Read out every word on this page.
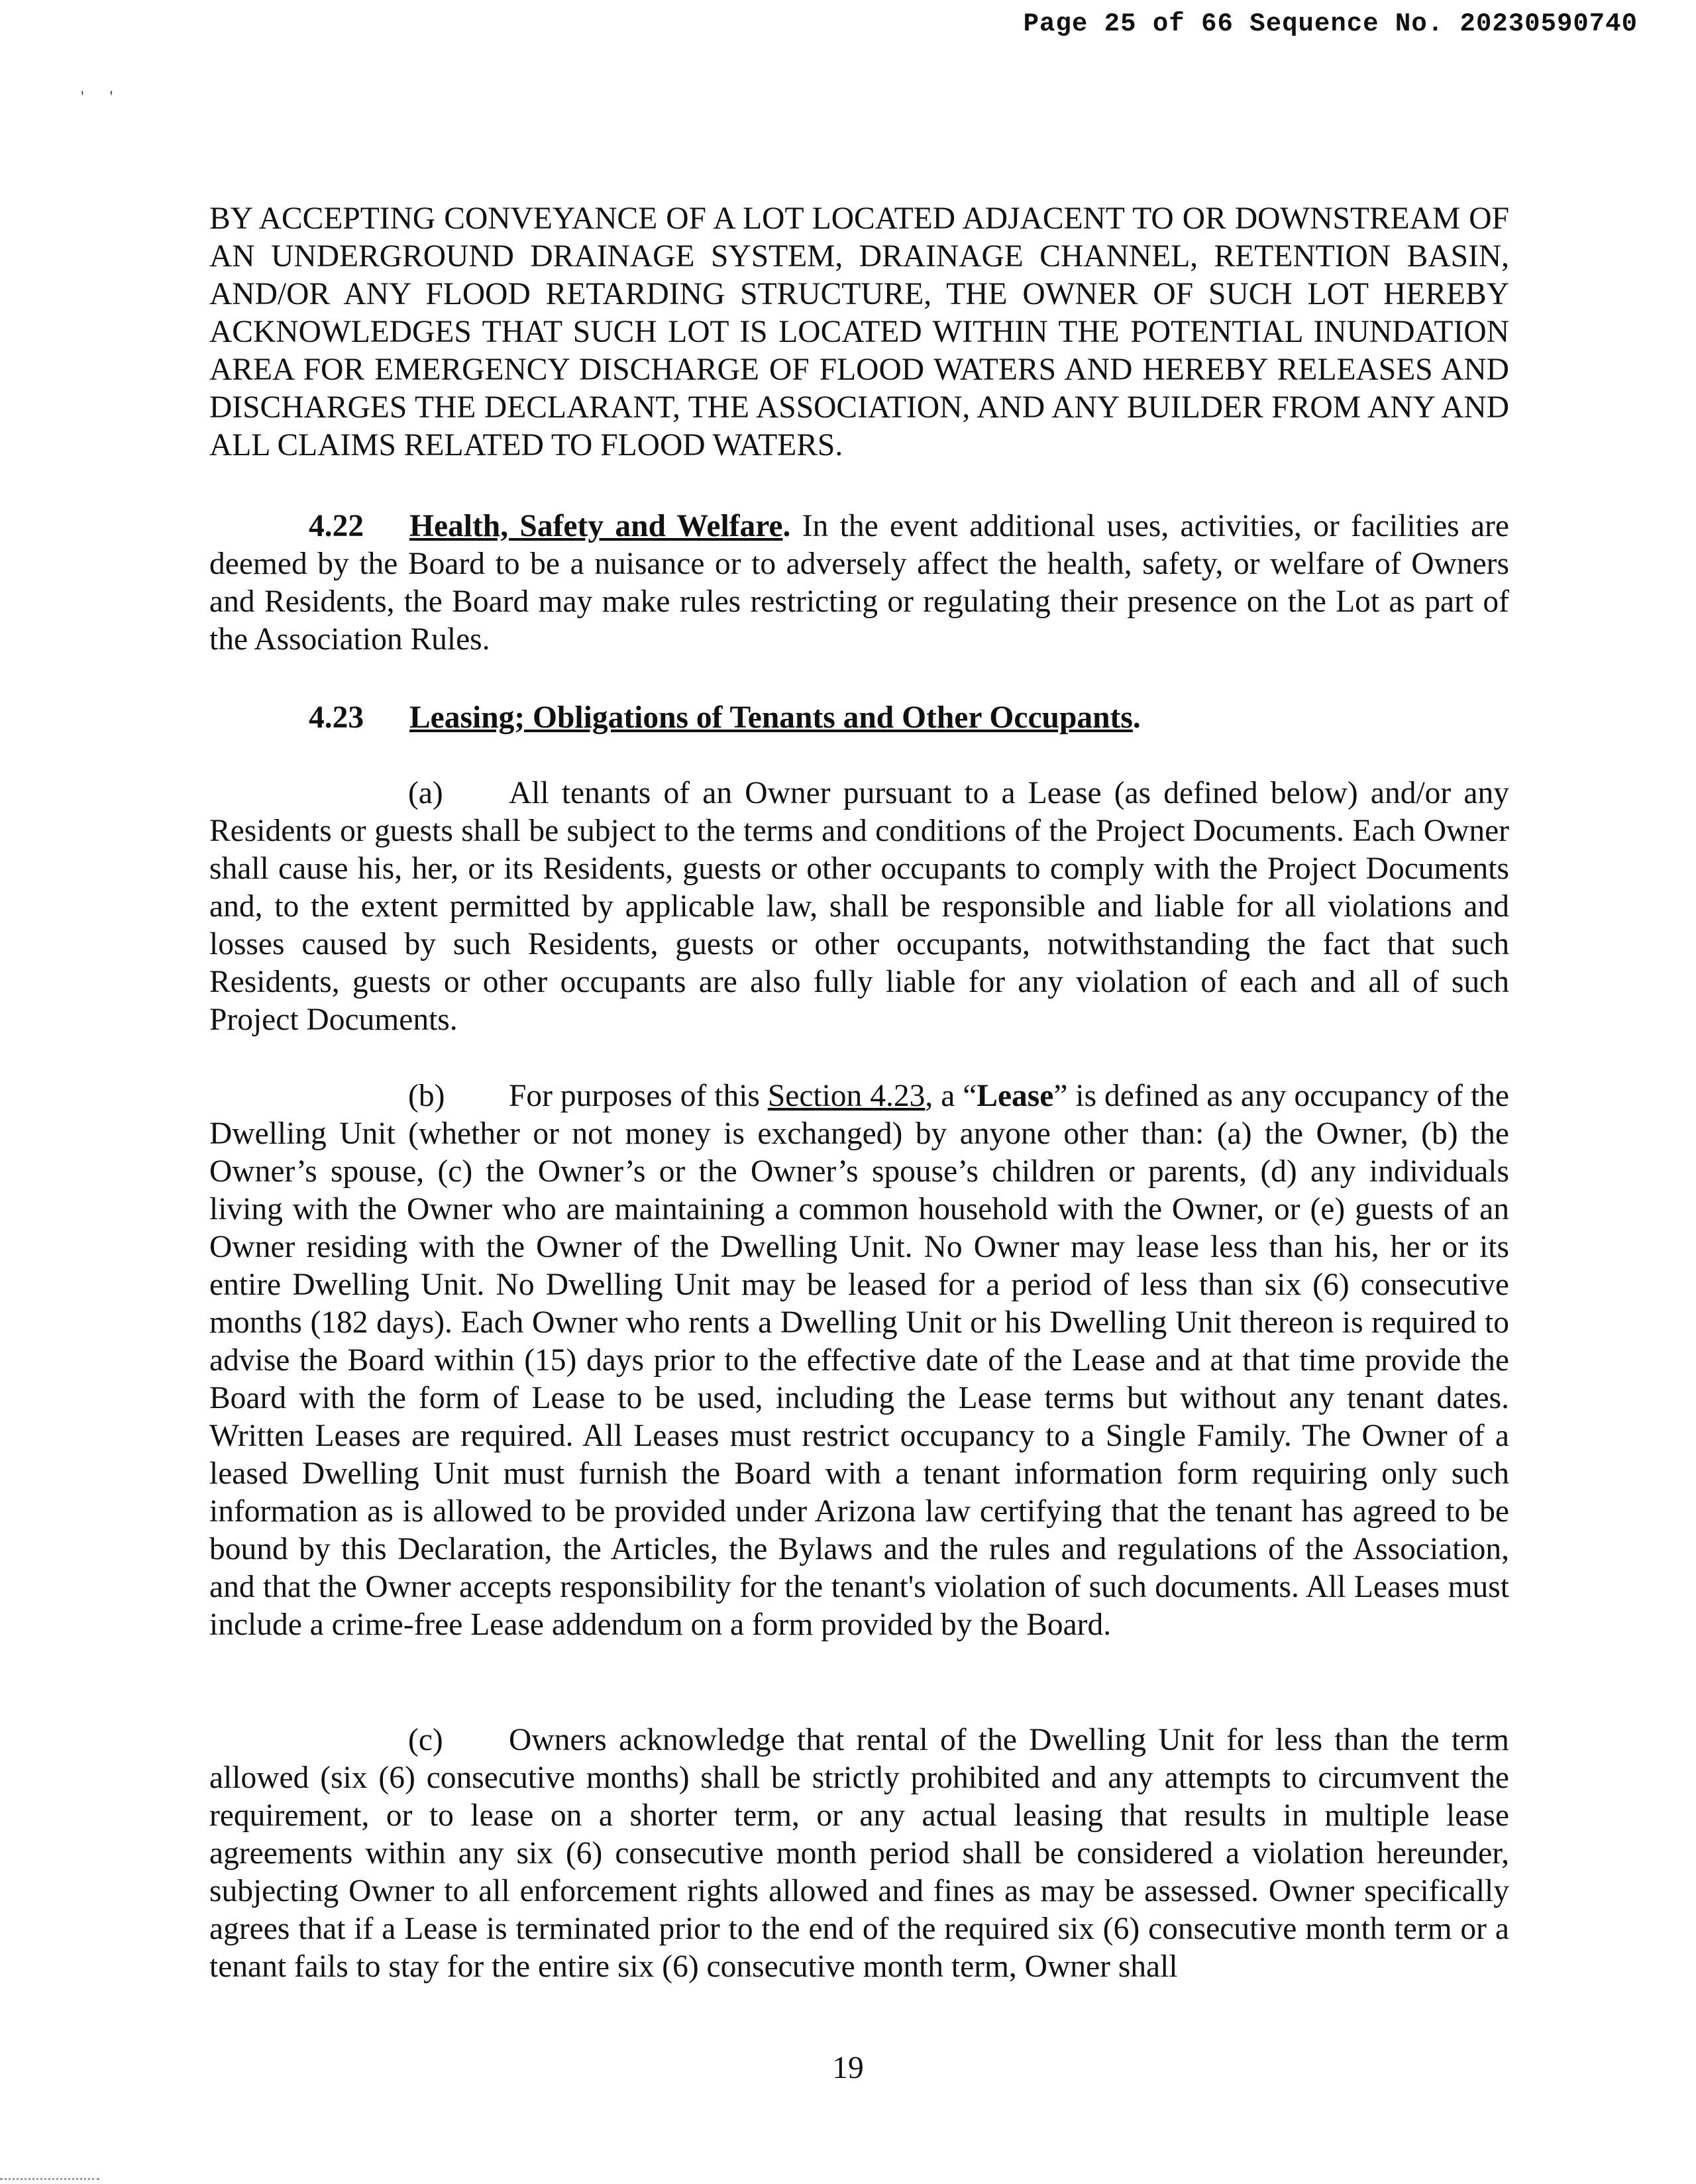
Page 25 of 66 Sequence No. 20230590740
'      '

BY ACCEPTING CONVEYANCE OF A LOT LOCATED ADJACENT TO OR DOWNSTREAM OF AN UNDERGROUND DRAINAGE SYSTEM, DRAINAGE CHANNEL, RETENTION BASIN, AND/OR ANY FLOOD RETARDING STRUCTURE, THE OWNER OF SUCH LOT HEREBY ACKNOWLEDGES THAT SUCH LOT IS LOCATED WITHIN THE POTENTIAL INUNDATION AREA FOR EMERGENCY DISCHARGE OF FLOOD WATERS AND HEREBY RELEASES AND DISCHARGES THE DECLARANT, THE ASSOCIATION, AND ANY BUILDER FROM ANY AND ALL CLAIMS RELATED TO FLOOD WATERS.

4.22 Health, Safety and Welfare. In the event additional uses, activities, or facilities are deemed by the Board to be a nuisance or to adversely affect the health, safety, or welfare of Owners and Residents, the Board may make rules restricting or regulating their presence on the Lot as part of the Association Rules.

4.23 Leasing; Obligations of Tenants and Other Occupants.

(a) All tenants of an Owner pursuant to a Lease (as defined below) and/or any Residents or guests shall be subject to the terms and conditions of the Project Documents. Each Owner shall cause his, her, or its Residents, guests or other occupants to comply with the Project Documents and, to the extent permitted by applicable law, shall be responsible and liable for all violations and losses caused by such Residents, guests or other occupants, notwithstanding the fact that such Residents, guests or other occupants are also fully liable for any violation of each and all of such Project Documents.

(b) For purposes of this Section 4.23, a “Lease” is defined as any occupancy of the Dwelling Unit (whether or not money is exchanged) by anyone other than: (a) the Owner, (b) the Owner’s spouse, (c) the Owner’s or the Owner’s spouse’s children or parents, (d) any individuals living with the Owner who are maintaining a common household with the Owner, or (e) guests of an Owner residing with the Owner of the Dwelling Unit. No Owner may lease less than his, her or its entire Dwelling Unit. No Dwelling Unit may be leased for a period of less than six (6) consecutive months (182 days). Each Owner who rents a Dwelling Unit or his Dwelling Unit thereon is required to advise the Board within (15) days prior to the effective date of the Lease and at that time provide the Board with the form of Lease to be used, including the Lease terms but without any tenant dates. Written Leases are required. All Leases must restrict occupancy to a Single Family. The Owner of a leased Dwelling Unit must furnish the Board with a tenant information form requiring only such information as is allowed to be provided under Arizona law certifying that the tenant has agreed to be bound by this Declaration, the Articles, the Bylaws and the rules and regulations of the Association, and that the Owner accepts responsibility for the tenant's violation of such documents. All Leases must include a crime-free Lease addendum on a form provided by the Board.

(c) Owners acknowledge that rental of the Dwelling Unit for less than the term allowed (six (6) consecutive months) shall be strictly prohibited and any attempts to circumvent the requirement, or to lease on a shorter term, or any actual leasing that results in multiple lease agreements within any six (6) consecutive month period shall be considered a violation hereunder, subjecting Owner to all enforcement rights allowed and fines as may be assessed. Owner specifically agrees that if a Lease is terminated prior to the end of the required six (6) consecutive month term or a tenant fails to stay for the entire six (6) consecutive month term, Owner shall

19
